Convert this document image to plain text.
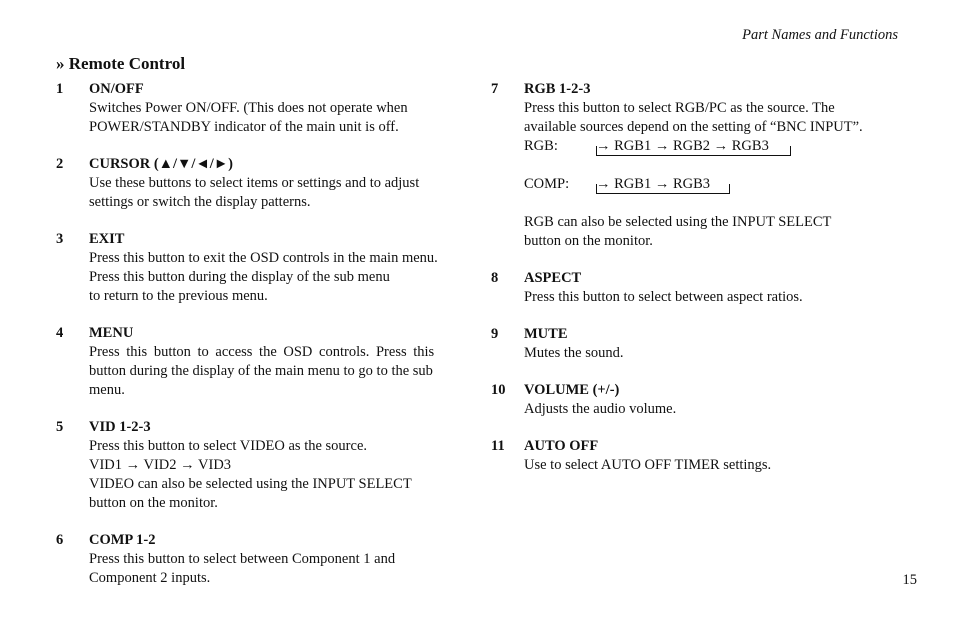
Part Names and Functions
» Remote Control
1 ON/OFF
Switches Power ON/OFF. (This does not operate when
POWER/STANDBY indicator of the main unit is off.
2 CURSOR (▲/▼/◄/►)
Use these buttons to select items or settings and to adjust
settings or switch the display patterns.
3 EXIT
Press this button to exit the OSD controls in the main menu.
Press this button during the display of the sub menu
to return to the previous menu.
4 MENU
Press this button to access the OSD controls. Press this
button during the display of the main menu to go to the sub
menu.
5 VID 1-2-3
Press this button to select VIDEO as the source.
VID1 → VID2 → VID3
VIDEO can also be selected using the INPUT SELECT
button on the monitor.
6 COMP 1-2
Press this button to select between Component 1 and
Component 2 inputs.
7 RGB 1-2-3
Press this button to select RGB/PC as the source. The
available sources depend on the setting of “BNC INPUT”.
RGB:	→ RGB1 → RGB2 → RGB3
COMP: → RGB1 → RGB3
RGB can also be selected using the INPUT SELECT
button on the monitor.
8 ASPECT
Press this button to select between aspect ratios.
9 MUTE
Mutes the sound.
10 VOLUME (+/-)
Adjusts the audio volume.
11 AUTO OFF
Use to select AUTO OFF TIMER settings.
15
